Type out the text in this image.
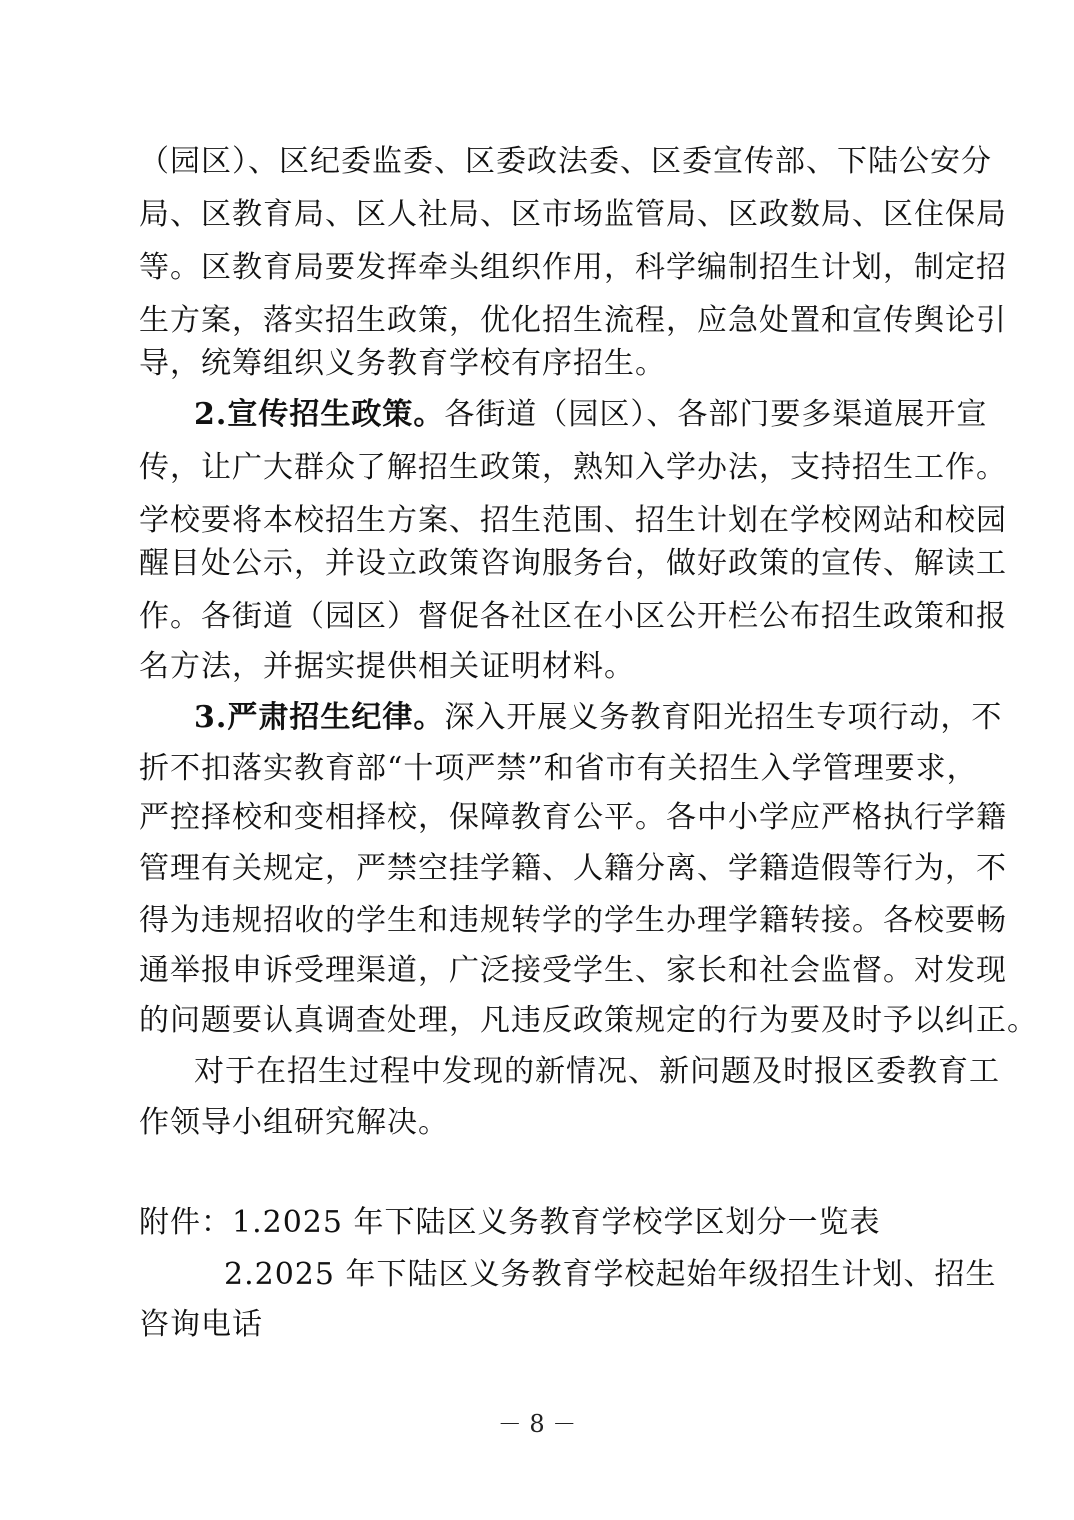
（园区）、区纪委监委、区委政法委、区委宣传部、下陆公安分
局、区教育局、区人社局、区市场监管局、区政数局、区住保局
等。区教育局要发挥牵头组织作用，科学编制招生计划，制定招
生方案，落实招生政策，优化招生流程，应急处置和宣传舆论引
导，统筹组织义务教育学校有序招生。
2.宣传招生政策。各街道（园区）、各部门要多渠道展开宣
传，让广大群众了解招生政策，熟知入学办法，支持招生工作。
学校要将本校招生方案、招生范围、招生计划在学校网站和校园
醒目处公示，并设立政策咨询服务台，做好政策的宣传、解读工
作。各街道（园区）督促各社区在小区公开栏公布招生政策和报
名方法，并据实提供相关证明材料。
3.严肃招生纪律。深入开展义务教育阳光招生专项行动，不
折不扣落实教育部“十项严禁”和省市有关招生入学管理要求，
严控择校和变相择校，保障教育公平。各中小学应严格执行学籍
管理有关规定，严禁空挂学籍、人籍分离、学籍造假等行为，不
得为违规招收的学生和违规转学的学生办理学籍转接。各校要畅
通举报申诉受理渠道，广泛接受学生、家长和社会监督。对发现
的问题要认真调查处理，凡违反政策规定的行为要及时予以纠正。
对于在招生过程中发现的新情况、新问题及时报区委教育工
作领导小组研究解决。
附件：1.2025 年下陆区义务教育学校学区划分一览表
2.2025 年下陆区义务教育学校起始年级招生计划、招生
咨询电话
－ 8 －
